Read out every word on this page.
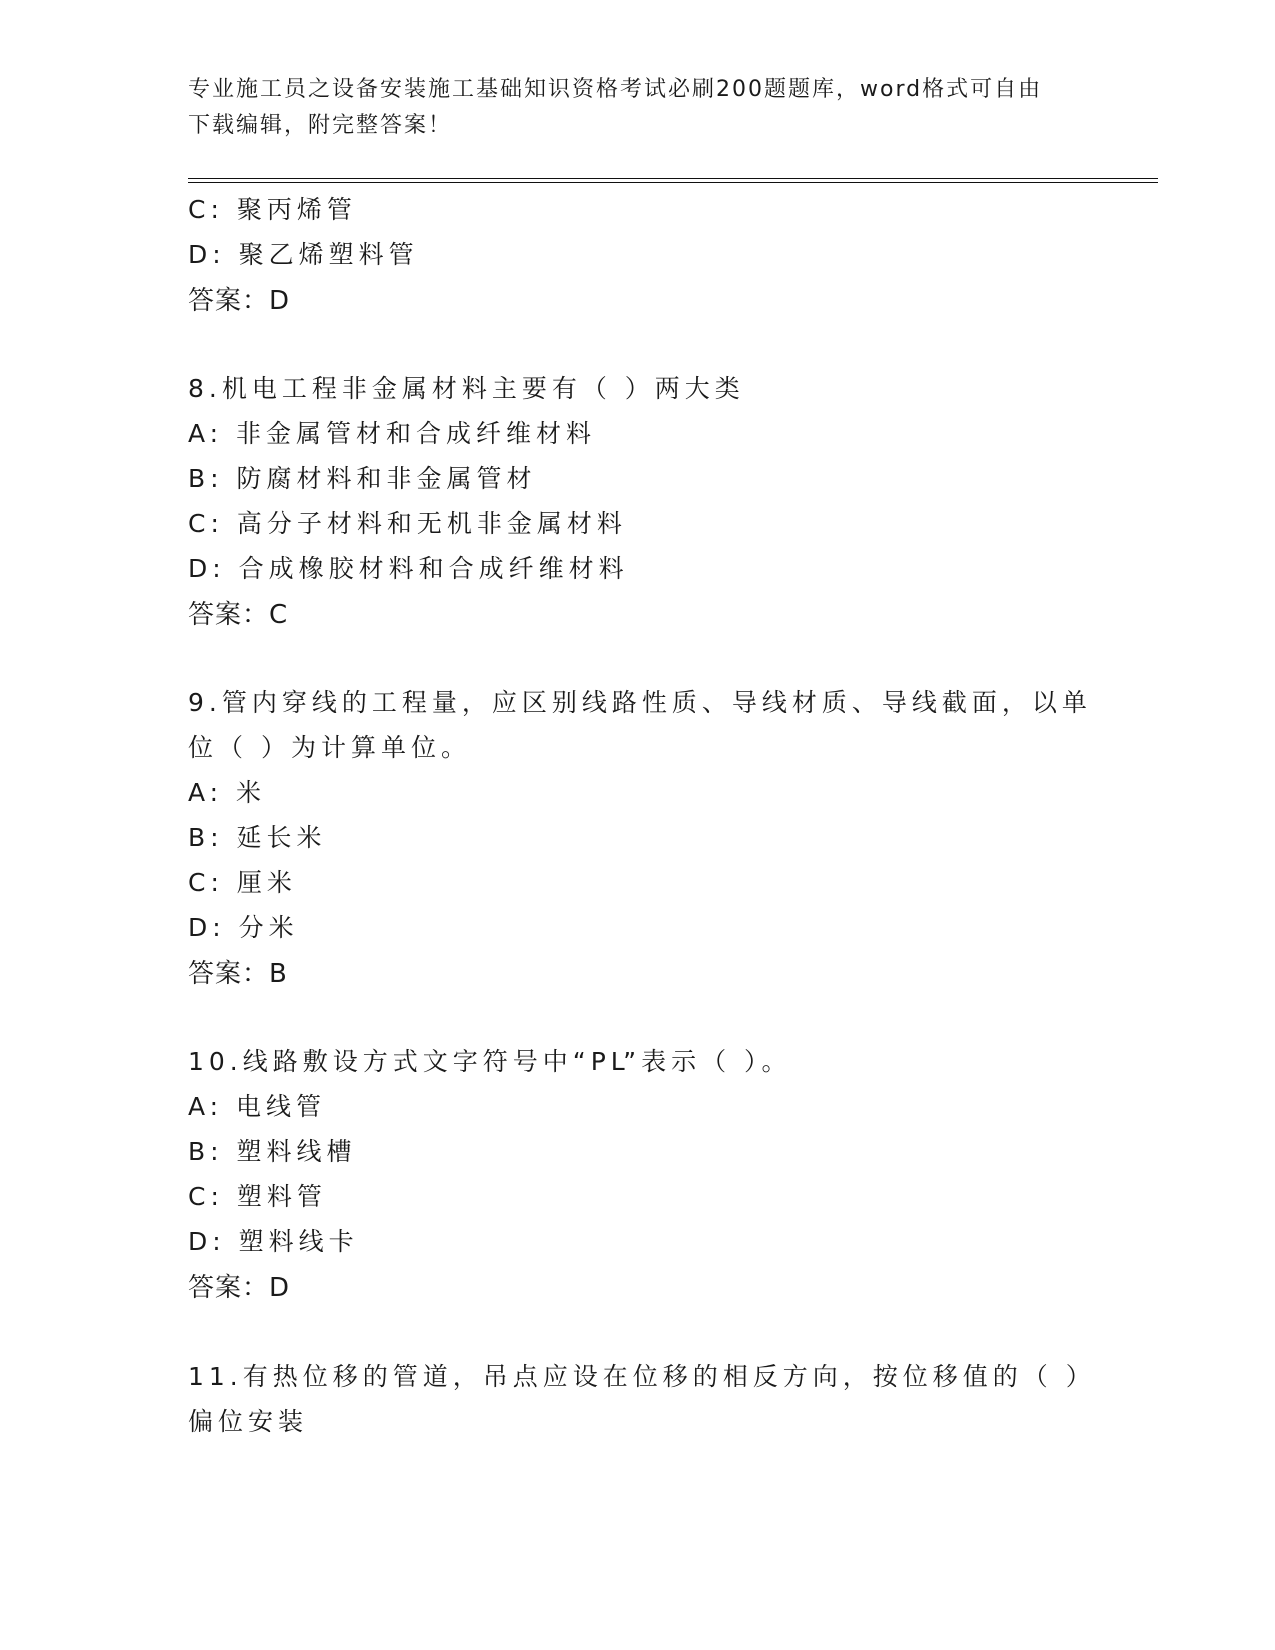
专业施工员之设备安装施工基础知识资格考试必刷200题题库，word格式可自由
下载编辑，附完整答案！
C: 聚丙烯管
D: 聚乙烯塑料管
答案：D
8.机电工程非金属材料主要有（ ）两大类
A: 非金属管材和合成纤维材料
B: 防腐材料和非金属管材
C: 高分子材料和无机非金属材料
D: 合成橡胶材料和合成纤维材料
答案：C
9.管内穿线的工程量，应区别线路性质、导线材质、导线截面，以单
位（ ）为计算单位。
A: 米
B: 延长米
C: 厘米
D: 分米
答案：B
10.线路敷设方式文字符号中“PL”表示（ ）。
A: 电线管
B: 塑料线槽
C: 塑料管
D: 塑料线卡
答案：D
11.有热位移的管道，吊点应设在位移的相反方向，按位移值的（ ）
偏位安装
